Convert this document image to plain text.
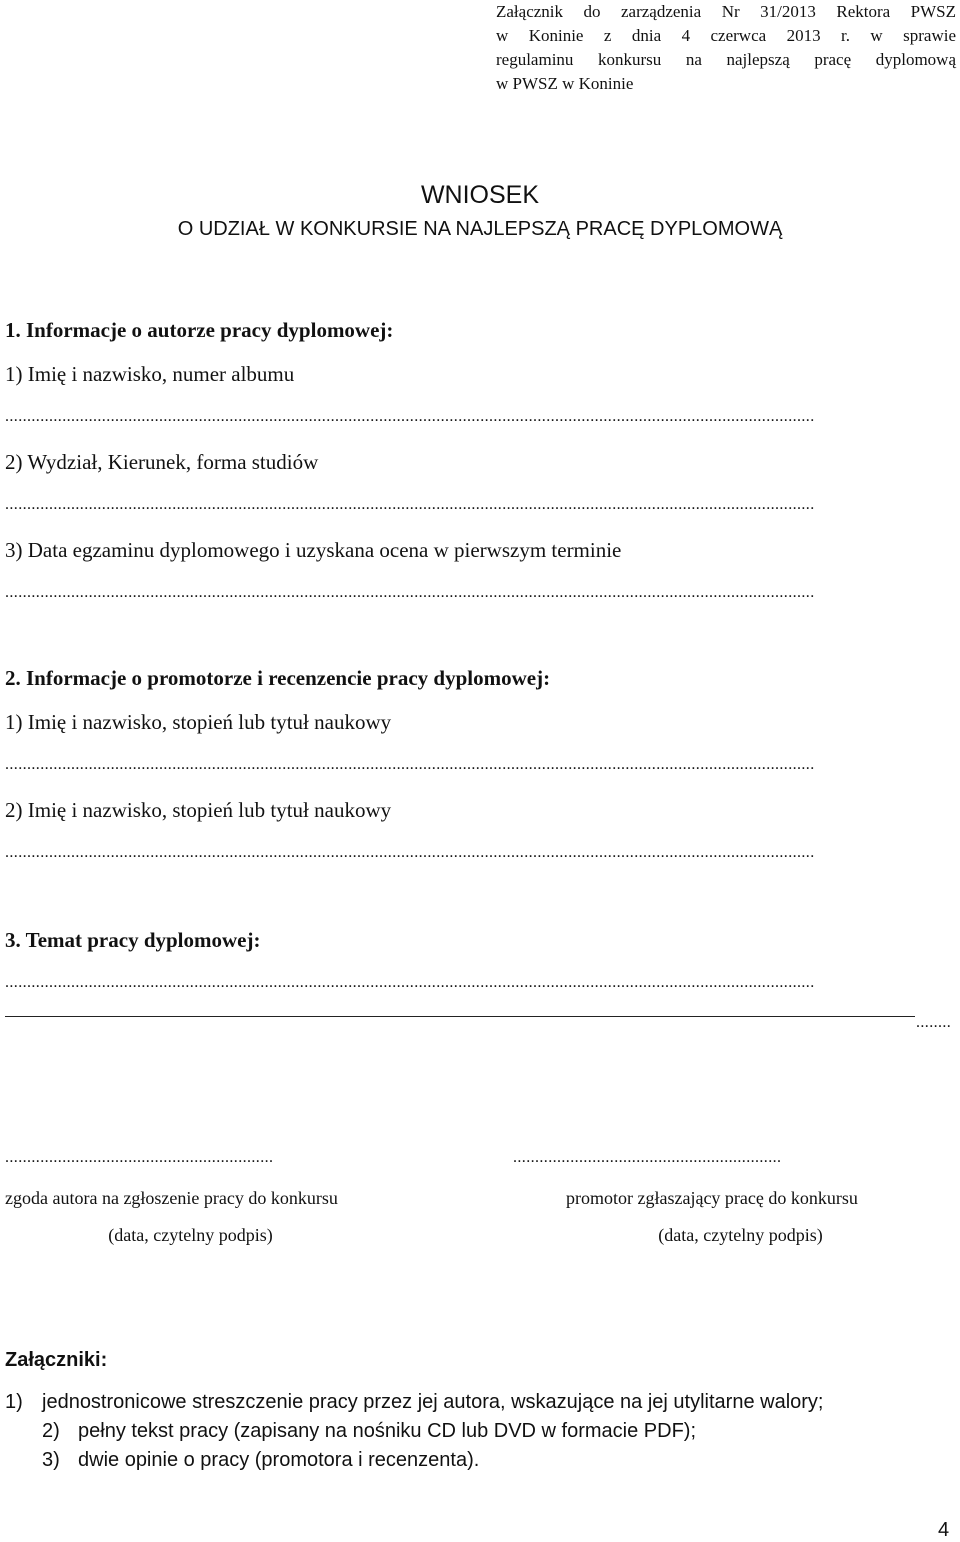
Załącznik do zarządzenia Nr 31/2013 Rektora PWSZ
w Koninie z dnia 4 czerwca 2013 r. w sprawie
regulaminu konkursu na najlepszą pracę dyplomową
w PWSZ w Koninie
WNIOSEK
O UDZIAŁ W KONKURSIE NA NAJLEPSZĄ PRACĘ DYPLOMOWĄ
1. Informacje o autorze pracy dyplomowej:
1) Imię i nazwisko, numer albumu
........................................................................................................................................................................................
2) Wydział, Kierunek, forma studiów
........................................................................................................................................................................................
3) Data egzaminu dyplomowego i uzyskana ocena w pierwszym terminie
........................................................................................................................................................................................
2. Informacje o promotorze i recenzencie pracy dyplomowej:
1) Imię i nazwisko, stopień lub tytuł naukowy
........................................................................................................................................................................................
2) Imię i nazwisko, stopień lub tytuł naukowy
........................................................................................................................................................................................
3. Temat pracy dyplomowej:
........................................................................................................................................................................................
........
.............................................................	.............................................................
zgoda autora na zgłoszenie pracy do konkursu
(data, czytelny podpis)
promotor zgłaszający pracę do konkursu
(data, czytelny podpis)
Załączniki:
1) jednostronicowe streszczenie pracy przez jej autora, wskazujące na jej utylitarne walory;
2) pełny tekst pracy (zapisany na nośniku CD lub DVD w formacie PDF);
3) dwie opinie o pracy (promotora i recenzenta).
4
